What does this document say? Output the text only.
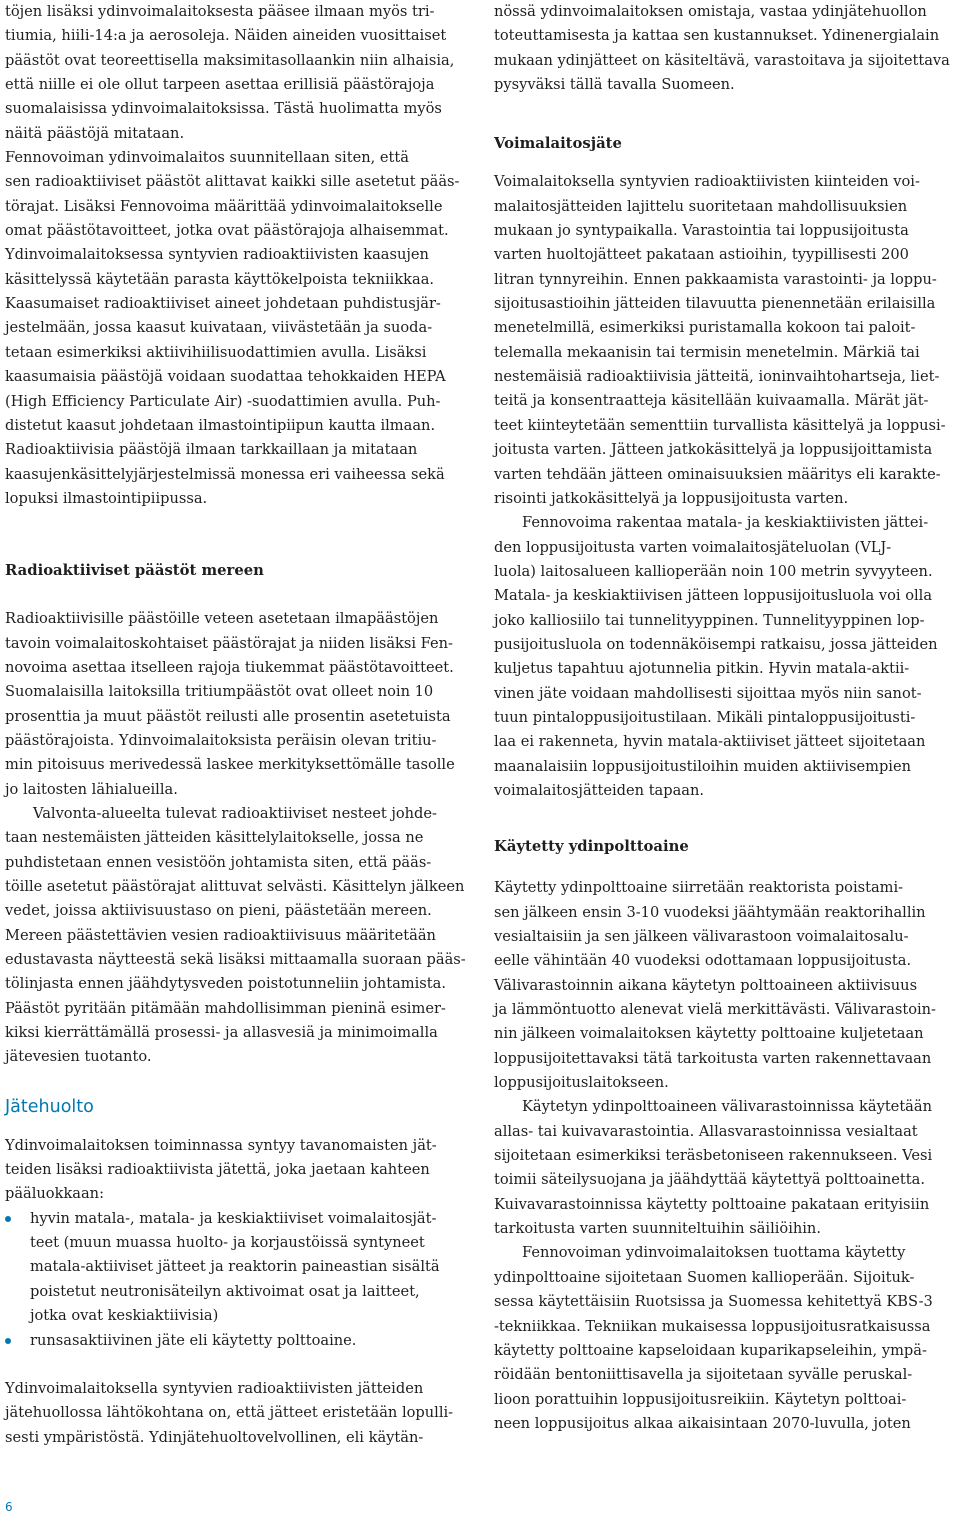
töjen lisäksi ydinvoimalaitoksesta pääsee ilmaan myös tri-
tiumia, hiili-14:a ja aerosoleja. Näiden aineiden vuosittaiset
päästöt ovat teoreettisella maksimitasollaankin niin alhaisia,
että niille ei ole ollut tarpeen asettaa erillisiä päästörajoja
suomalaisissa ydinvoimalaitoksissa. Tästä huolimatta myös
näitä päästöjä mitataan.
Fennovoiman ydinvoimalaitos suunnitellaan siten, että
sen radioaktiiviset päästöt alittavat kaikki sille asetetut pääs-
törajat. Lisäksi Fennovoima määrittää ydinvoimalaitokselle
omat päästötavoitteet, jotka ovat päästörajoja alhaisemmat.
Ydinvoimalaitoksessa syntyvien radioaktiivisten kaasujen
käsittelyssä käytetään parasta käyttökelpoista tekniikkaa.
Kaasumaiset radioaktiiviset aineet johdetaan puhdistusjär-
jestelmään, jossa kaasut kuivataan, viivästetään ja suoda-
tetaan esimerkiksi aktiivihiilisuodattimien avulla. Lisäksi
kaasumaisia päästöjä voidaan suodattaa tehokkaiden HEPA
(High Efficiency Particulate Air) -suodattimien avulla. Puh-
distetut kaasut johdetaan ilmastointipiipun kautta ilmaan.
Radioaktiivisia päästöjä ilmaan tarkkaillaan ja mitataan
kaasujenkäsittelyjärjestelmissä monessa eri vaiheessa sekä
lopuksi ilmastointipiipussa.
Radioaktiiviset päästöt mereen
Radioaktiivisille päästöille veteen asetetaan ilmapäästöjen
tavoin voimalaitoskohtaiset päästörajat ja niiden lisäksi Fen-
novoima asettaa itselleen rajoja tiukemmat päästötavoitteet.
Suomalaisilla laitoksilla tritiumpäästöt ovat olleet noin 10
prosenttia ja muut päästöt reilusti alle prosentin asetetuista
päästörajoista. Ydinvoimalaitoksista peräisin olevan tritiu-
min pitoisuus merivedessä laskee merkityksettömälle tasolle
jo laitosten lähialueilla.
Valvonta-alueelta tulevat radioaktiiviset nesteet johde-
taan nestemäisten jätteiden käsittelylaitokselle, jossa ne
puhdistetaan ennen vesistöön johtamista siten, että pääs-
töille asetetut päästörajat alittuvat selvästi. Käsittelyn jälkeen
vedet, joissa aktiivisuustaso on pieni, päästetään mereen.
Mereen päästettävien vesien radioaktiivisuus määritetään
edustavasta näytteestä sekä lisäksi mittaamalla suoraan pääs-
tölinjasta ennen jäähdytysveden poistotunneliin johtamista.
Päästöt pyritään pitämään mahdollisimman pieninä esimer-
kiksi kierrättämällä prosessi- ja allasvesiä ja minimoimalla
jätevesien tuotanto.
Jätehuolto
Ydinvoimalaitoksen toiminnassa syntyy tavanomaisten jät-
teiden lisäksi radioaktiivista jätettä, joka jaetaan kahteen
pääluokkaan:
hyvin matala-, matala- ja keskiaktiiviset voimalaitosjät-
teet (muun muassa huolto- ja korjaustöissä syntyneet
matala-aktiiviset jätteet ja reaktorin paineastian sisältä
poistetut neutronisäteilyn aktivoimat osat ja laitteet,
jotka ovat keskiaktiivisia)
runsasaktiivinen jäte eli käytetty polttoaine.
Ydinvoimalaitoksella syntyvien radioaktiivisten jätteiden
jätehuollossa lähtökohtana on, että jätteet eristetään lopulli-
sesti ympäristöstä. Ydinjätehuoltovelvollinen, eli käytän-
nössä ydinvoimalaitoksen omistaja, vastaa ydinjätehuollon
toteuttamisesta ja kattaa sen kustannukset. Ydinenergialain
mukaan ydinjätteet on käsiteltävä, varastoitava ja sijoitettava
pysyväksi tällä tavalla Suomeen.
Voimalaitosjäte
Voimalaitoksella syntyvien radioaktiivisten kiinteiden voi-
malaitosjätteiden lajittelu suoritetaan mahdollisuuksien
mukaan jo syntypaikalla. Varastointia tai loppusijoitusta
varten huoltojätteet pakataan astioihin, tyypillisesti 200
litran tynnyreihin. Ennen pakkaamista varastointi- ja loppu-
sijoitusastioihin jätteiden tilavuutta pienennetään erilaisilla
menetelmillä, esimerkiksi puristamalla kokoon tai paloit-
telemalla mekaanisin tai termisin menetelmin. Märkiä tai
nestemäisiä radioaktiivisia jätteitä, ioninvaihtohartseja, liet-
teitä ja konsentraatteja käsitellään kuivaamalla. Märät jät-
teet kiinteytetään sementtiin turvallista käsittelyä ja loppusi-
joitusta varten. Jätteen jatkokäsittelyä ja loppusijoittamista
varten tehdään jätteen ominaisuuksien määritys eli karakte-
risointi jatkokäsittelyä ja loppusijoitusta varten.
Fennovoima rakentaa matala- ja keskiaktiivisten jättei-
den loppusijoitusta varten voimalaitosjäteluolan (VLJ-
luola) laitosalueen kallioperään noin 100 metrin syvyyteen.
Matala- ja keskiaktiivisen jätteen loppusijoitusluola voi olla
joko kalliosiilo tai tunnelityyppinen. Tunnelityyppinen lop-
pusijoitusluola on todennäköisempi ratkaisu, jossa jätteiden
kuljetus tapahtuu ajotunnelia pitkin. Hyvin matala-aktii-
vinen jäte voidaan mahdollisesti sijoittaa myös niin sanot-
tuun pintaloppusijoitustilaan. Mikäli pintaloppusijoitusti-
laa ei rakenneta, hyvin matala-aktiiviset jätteet sijoitetaan
maanalaisiin loppusijoitustiloihin muiden aktiivisempien
voimalaitosjätteiden tapaan.
Käytetty ydinpolttoaine
Käytetty ydinpolttoaine siirretään reaktorista poistami-
sen jälkeen ensin 3-10 vuodeksi jäähtymään reaktorihallin
vesialtaisiin ja sen jälkeen välivarastoon voimalaitosalu-
eelle vähintään 40 vuodeksi odottamaan loppusijoitusta.
Välivarastoinnin aikana käytetyn polttoaineen aktiivisuus
ja lämmöntuotto alenevat vielä merkittävästi. Välivarastoin-
nin jälkeen voimalaitoksen käytetty polttoaine kuljetetaan
loppusijoitettavaksi tätä tarkoitusta varten rakennettavaan
loppusijoituslaitokseen.
Käytetyn ydinpolttoaineen välivarastoinnissa käytetään
allas- tai kuivavarastointia. Allasvarastoinnissa vesialtaat
sijoitetaan esimerkiksi teräsbetoniseen rakennukseen. Vesi
toimii säteilysuojana ja jäähdyttää käytettyä polttoainetta.
Kuivavarastoinnissa käytetty polttoaine pakataan erityisiin
tarkoitusta varten suunniteltuihin säiliöihin.
Fennovoiman ydinvoimalaitoksen tuottama käytetty
ydinpolttoaine sijoitetaan Suomen kallioperään. Sijoituk-
sessa käytettäisiin Ruotsissa ja Suomessa kehitettyä KBS-3
-tekniikkaa. Tekniikan mukaisessa loppusijoitusratkaisussa
käytetty polttoaine kapseloidaan kuparikapseleihin, ympä-
röidään bentoniittisavella ja sijoitetaan syvälle peruskal-
lioon porattuihin loppusijoitusreikiin. Käytetyn polttoai-
neen loppusijoitus alkaa aikaisintaan 2070-luvulla, joten
6
